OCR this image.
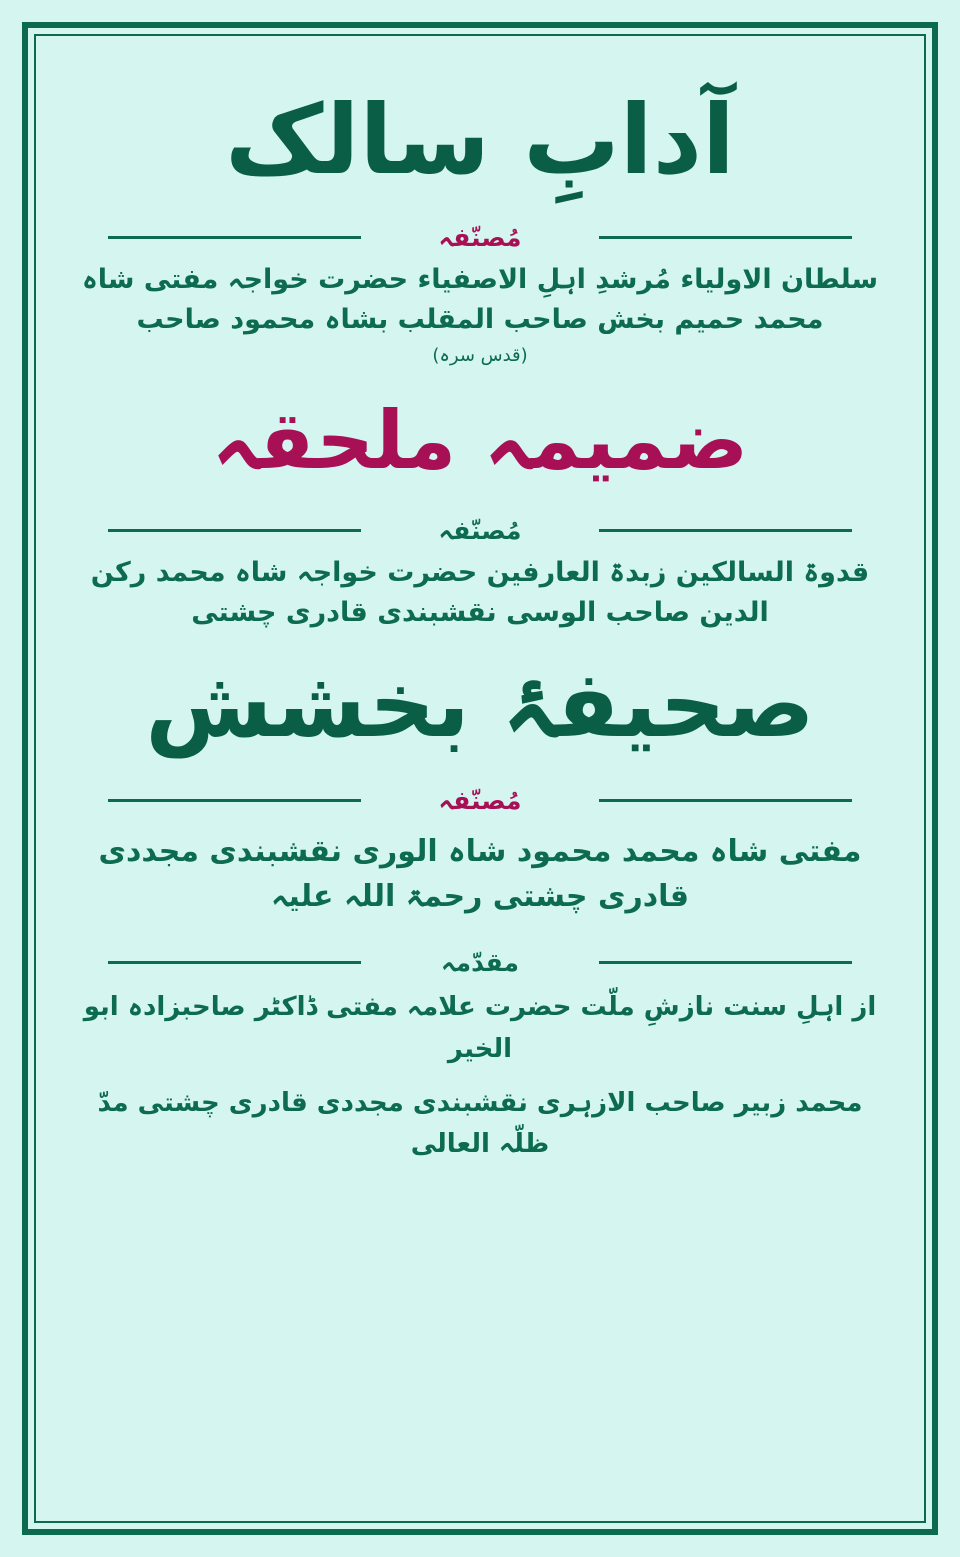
آدابِ سالک
مُصنّفہ
سلطان الاولیاء مُرشدِ اہلِ الاصفیاء حضرت خواجہ مفتی شاہ محمد حمیم بخش صاحب المقلب بشاہ محمود صاحب
(قدس سرہ)
ضمیمہ ملحقہ
مُصنّفہ
قدوۃ السالکین زبدۃ العارفین حضرت خواجہ شاہ محمد رکن الدین صاحب الوسی نقشبندی قادری چشتی
صحیفۂ بخشش
مُصنّفہ
مفتی شاہ محمد محمود شاہ الوری نقشبندی مجددی قادری چشتی رحمۃ اللہ علیہ
مقدّمہ
از اہلِ سنت نازشِ ملّت حضرت علامہ مفتی ڈاکٹر صاحبزادہ ابو الخیر
محمد زبیر صاحب الازہری نقشبندی مجددی قادری چشتی مدّ ظلّہ العالی
